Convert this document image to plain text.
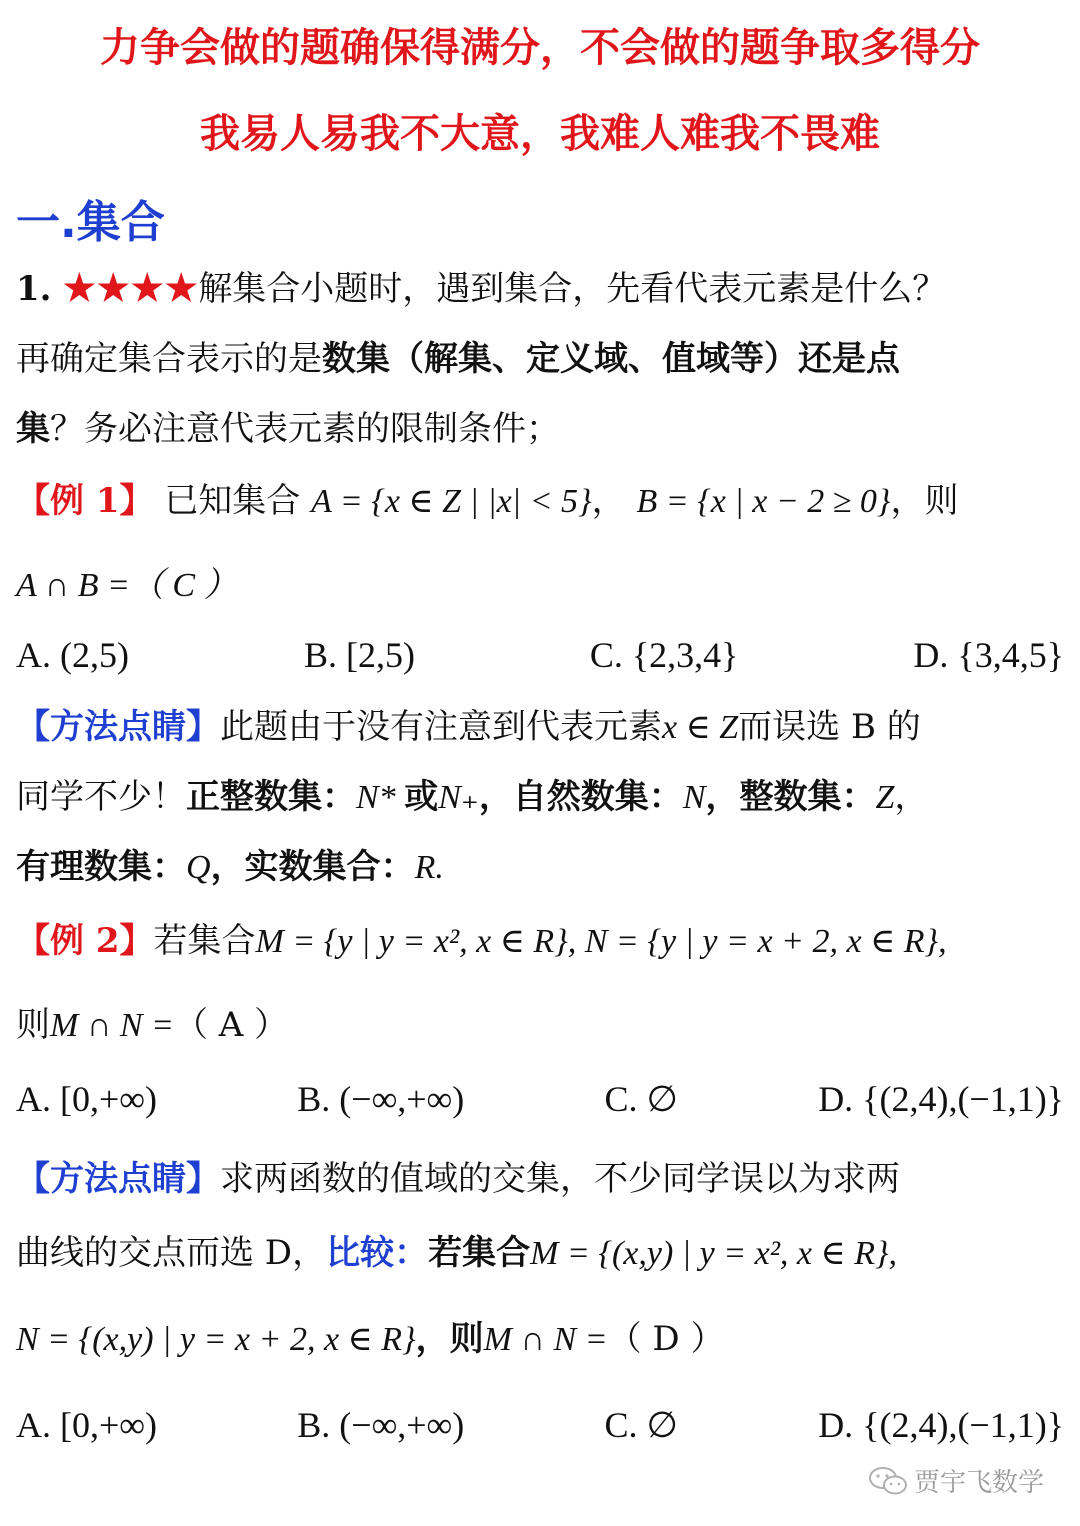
力争会做的题确保得满分，不会做的题争取多得分
我易人易我不大意，我难人难我不畏难
一.集合
1. ★★★★解集合小题时，遇到集合，先看代表元素是什么？
再确定集合表示的是数集（解集、定义域、值域等）还是点
集？务必注意代表元素的限制条件；
【例 1】 已知集合 A = {x ∈ Z | |x| < 5}， B = {x | x − 2 ≥ 0}，则
A ∩ B =（ C ）
A. (2,5)	B. [2,5)	C. {2,3,4}	D. {3,4,5}
【方法点睛】此题由于没有注意到代表元素x ∈ Z而误选 B 的
同学不少！正整数集：N* 或N₊，自然数集：N，整数集：Z，
有理数集：Q，实数集合：R.
【例 2】若集合M = {y | y = x², x ∈ R}, N = {y | y = x + 2, x ∈ R},
则M ∩ N =（ A ）
A. [0,+∞)	B. (−∞,+∞)	C. ∅	D. {(2,4),(−1,1)}
【方法点睛】求两函数的值域的交集，不少同学误以为求两
曲线的交点而选 D，比较：若集合M = {(x,y) | y = x², x ∈ R},
N = {(x,y) | y = x + 2, x ∈ R}，则M ∩ N =（ D ）
A. [0,+∞)	B. (−∞,+∞)	C. ∅	D. {(2,4),(−1,1)}
贾宇飞数学
